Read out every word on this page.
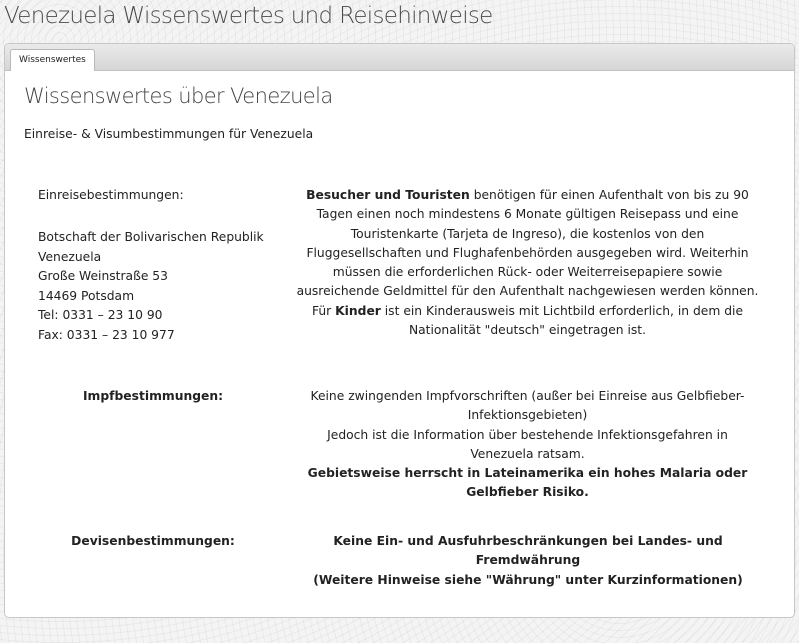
Venezuela Wissenswertes und Reisehinweise
Wissenswertes
Wissenswertes über Venezuela

Einreise- & Visumbestimmungen für Venezuela

Einreisebestimmungen:

Botschaft der Bolivarischen Republik
Venezuela
Große Weinstraße 53
14469 Potsdam
Tel: 0331 – 23 10 90
Fax: 0331 – 23 10 977
Besucher und Touristen benötigen für einen Aufenthalt von bis zu 90 Tagen einen noch mindestens 6 Monate gültigen Reisepass und eine Touristenkarte (Tarjeta de Ingreso), die kostenlos von den Fluggesellschaften und Flughafenbehörden ausgegeben wird. Weiterhin müssen die erforderlichen Rück- oder Weiterreisepapiere sowie ausreichende Geldmittel für den Aufenthalt nachgewiesen werden können.
Für Kinder ist ein Kinderausweis mit Lichtbild erforderlich, in dem die Nationalität "deutsch" eingetragen ist.

Impfbestimmungen:	Keine zwingenden Impfvorschriften (außer bei Einreise aus Gelbfieber-Infektionsgebieten)
Jedoch ist die Information über bestehende Infektionsgefahren in Venezuela ratsam.
Gebietsweise herrscht in Lateinamerika ein hohes Malaria oder Gelbfieber Risiko.

Devisenbestimmungen:	Keine Ein- und Ausfuhrbeschränkungen bei Landes- und Fremdwährung
(Weitere Hinweise siehe "Währung" unter Kurzinformationen)
